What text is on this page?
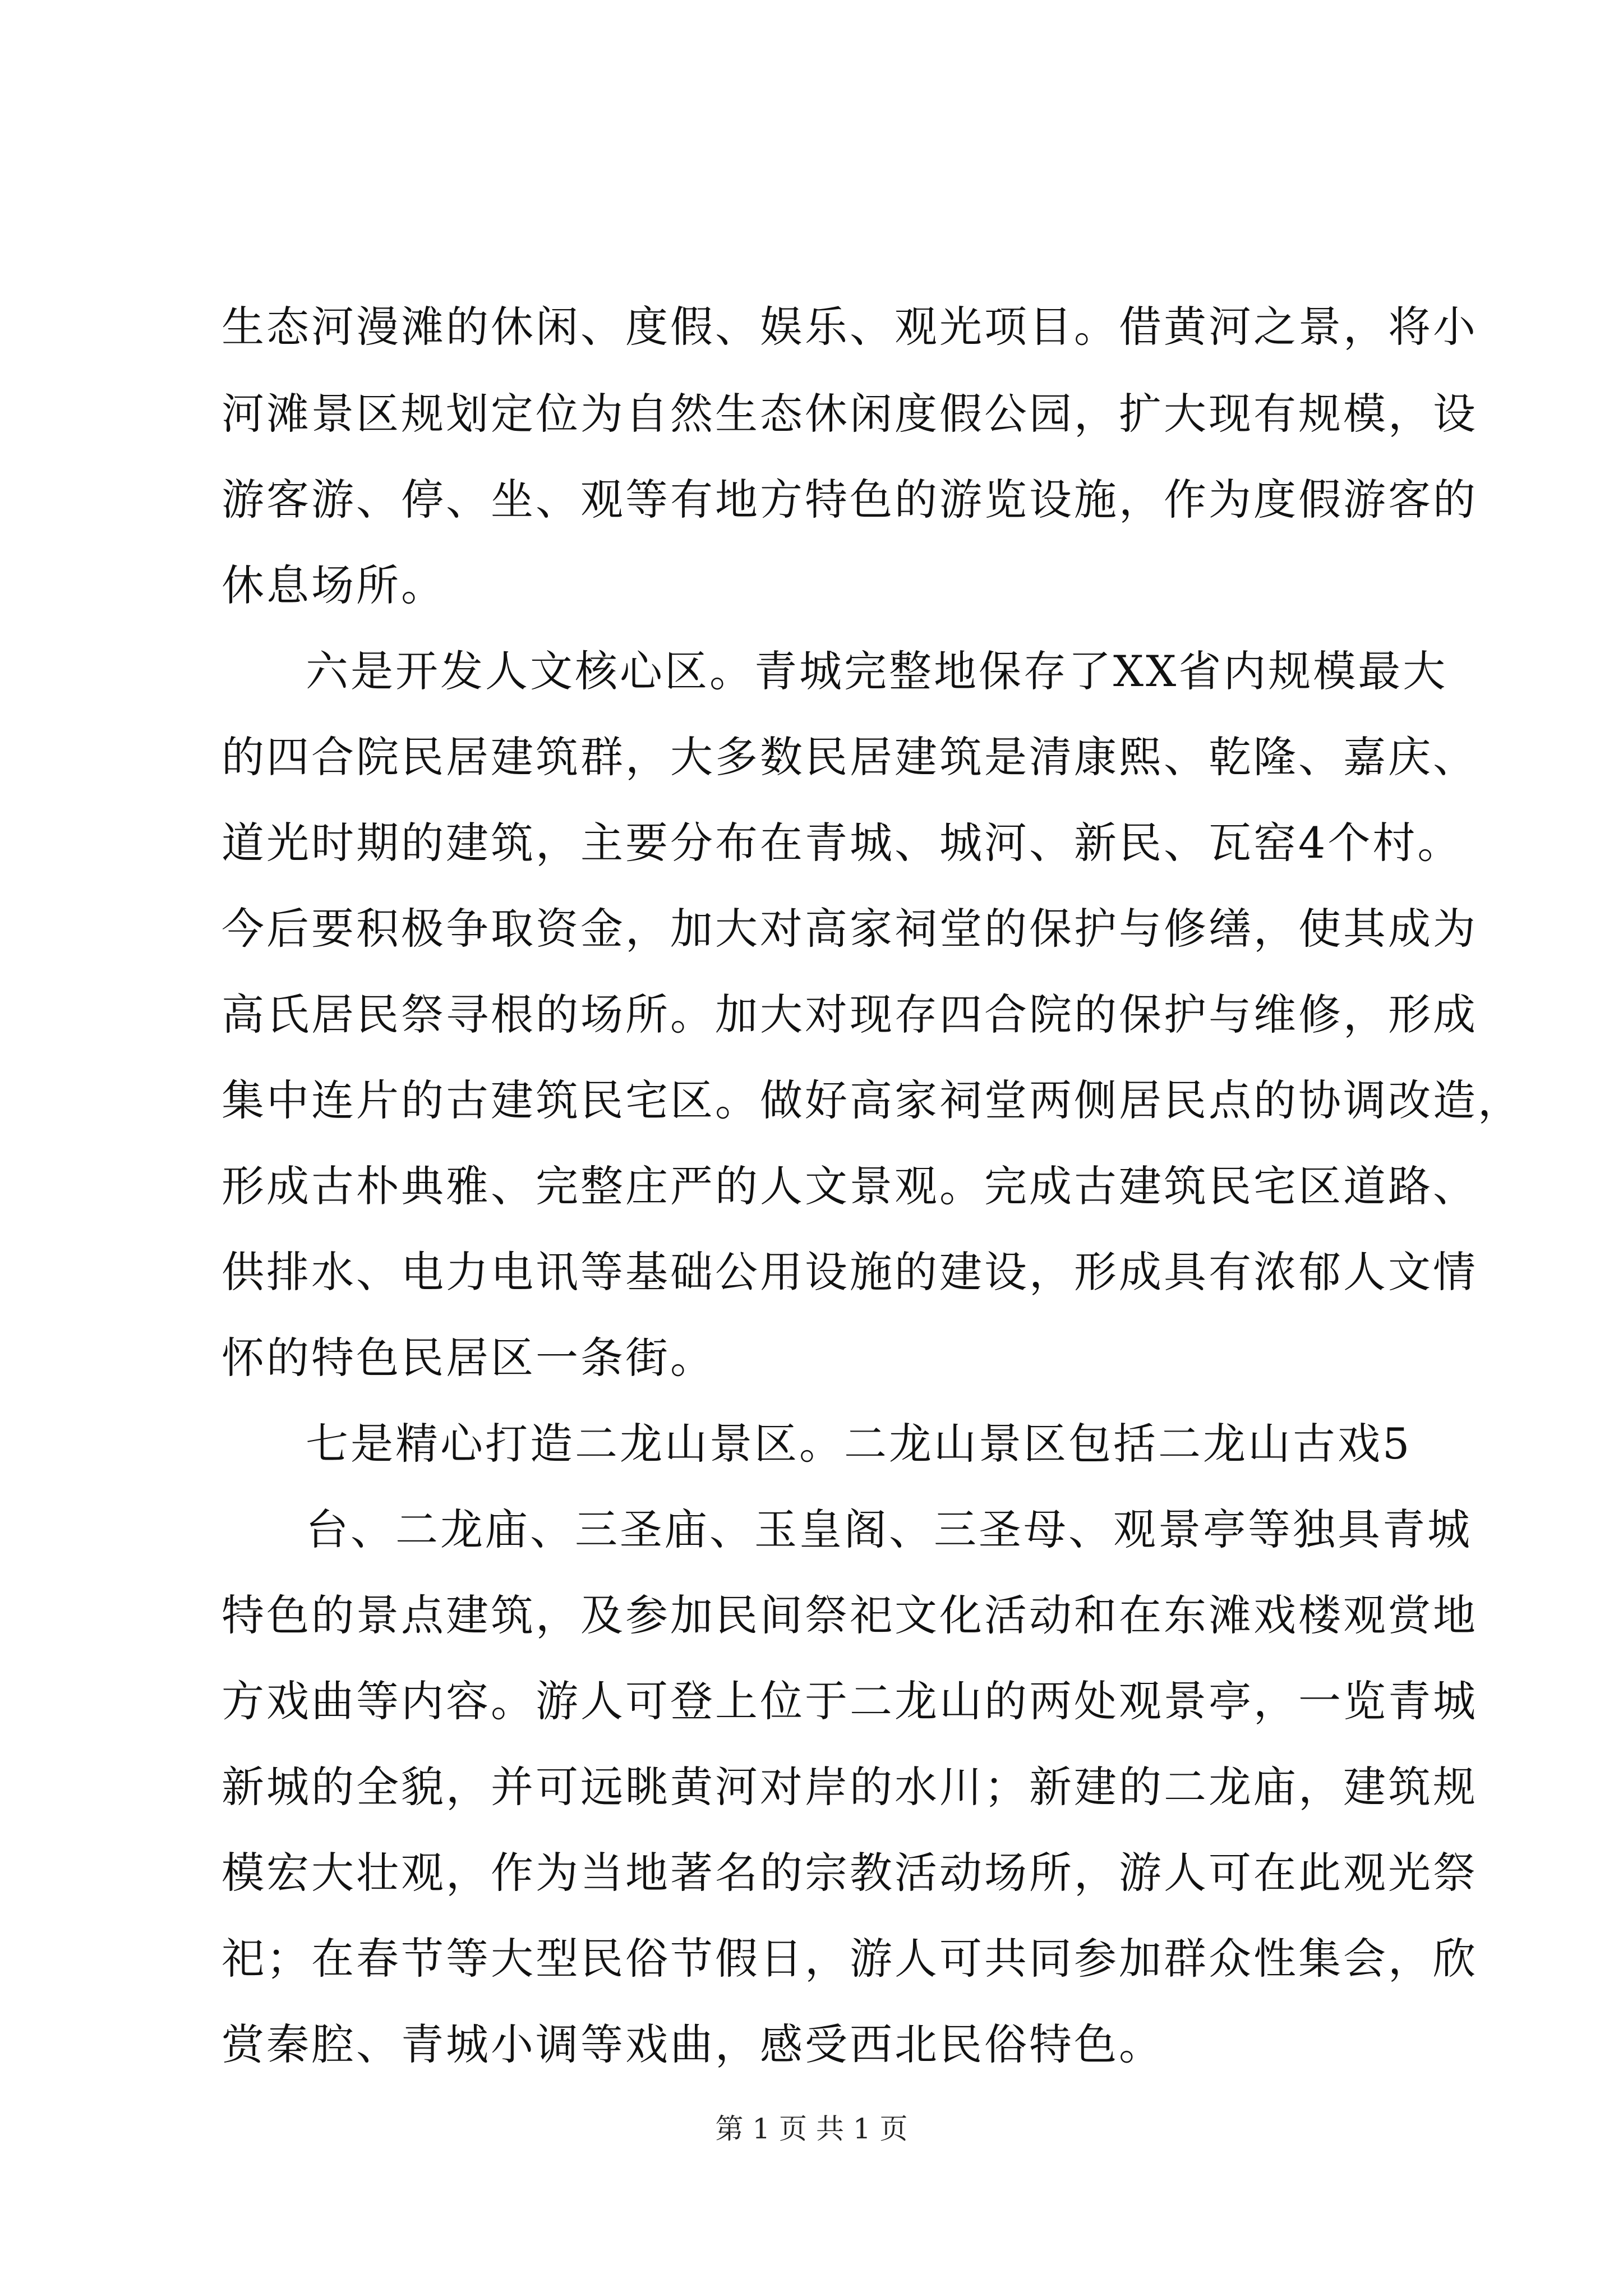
生态河漫滩的休闲、度假、娱乐、观光项目。借黄河之景，将小
河滩景区规划定位为自然生态休闲度假公园，扩大现有规模，设
游客游、停、坐、观等有地方特色的游览设施，作为度假游客的
休息场所。
六是开发人文核心区。青城完整地保存了XX省内规模最大
的四合院民居建筑群，大多数民居建筑是清康熙、乾隆、嘉庆、
道光时期的建筑，主要分布在青城、城河、新民、瓦窑4个村。
今后要积极争取资金，加大对高家祠堂的保护与修缮，使其成为
高氏居民祭寻根的场所。加大对现存四合院的保护与维修，形成
集中连片的古建筑民宅区。做好高家祠堂两侧居民点的协调改造，
形成古朴典雅、完整庄严的人文景观。完成古建筑民宅区道路、
供排水、电力电讯等基础公用设施的建设，形成具有浓郁人文情
怀的特色民居区一条街。
七是精心打造二龙山景区。二龙山景区包括二龙山古戏5
台、二龙庙、三圣庙、玉皇阁、三圣母、观景亭等独具青城
特色的景点建筑，及参加民间祭祀文化活动和在东滩戏楼观赏地
方戏曲等内容。游人可登上位于二龙山的两处观景亭，一览青城
新城的全貌，并可远眺黄河对岸的水川；新建的二龙庙，建筑规
模宏大壮观，作为当地著名的宗教活动场所，游人可在此观光祭
祀；在春节等大型民俗节假日，游人可共同参加群众性集会，欣
赏秦腔、青城小调等戏曲，感受西北民俗特色。
第 1 页 共 1 页
